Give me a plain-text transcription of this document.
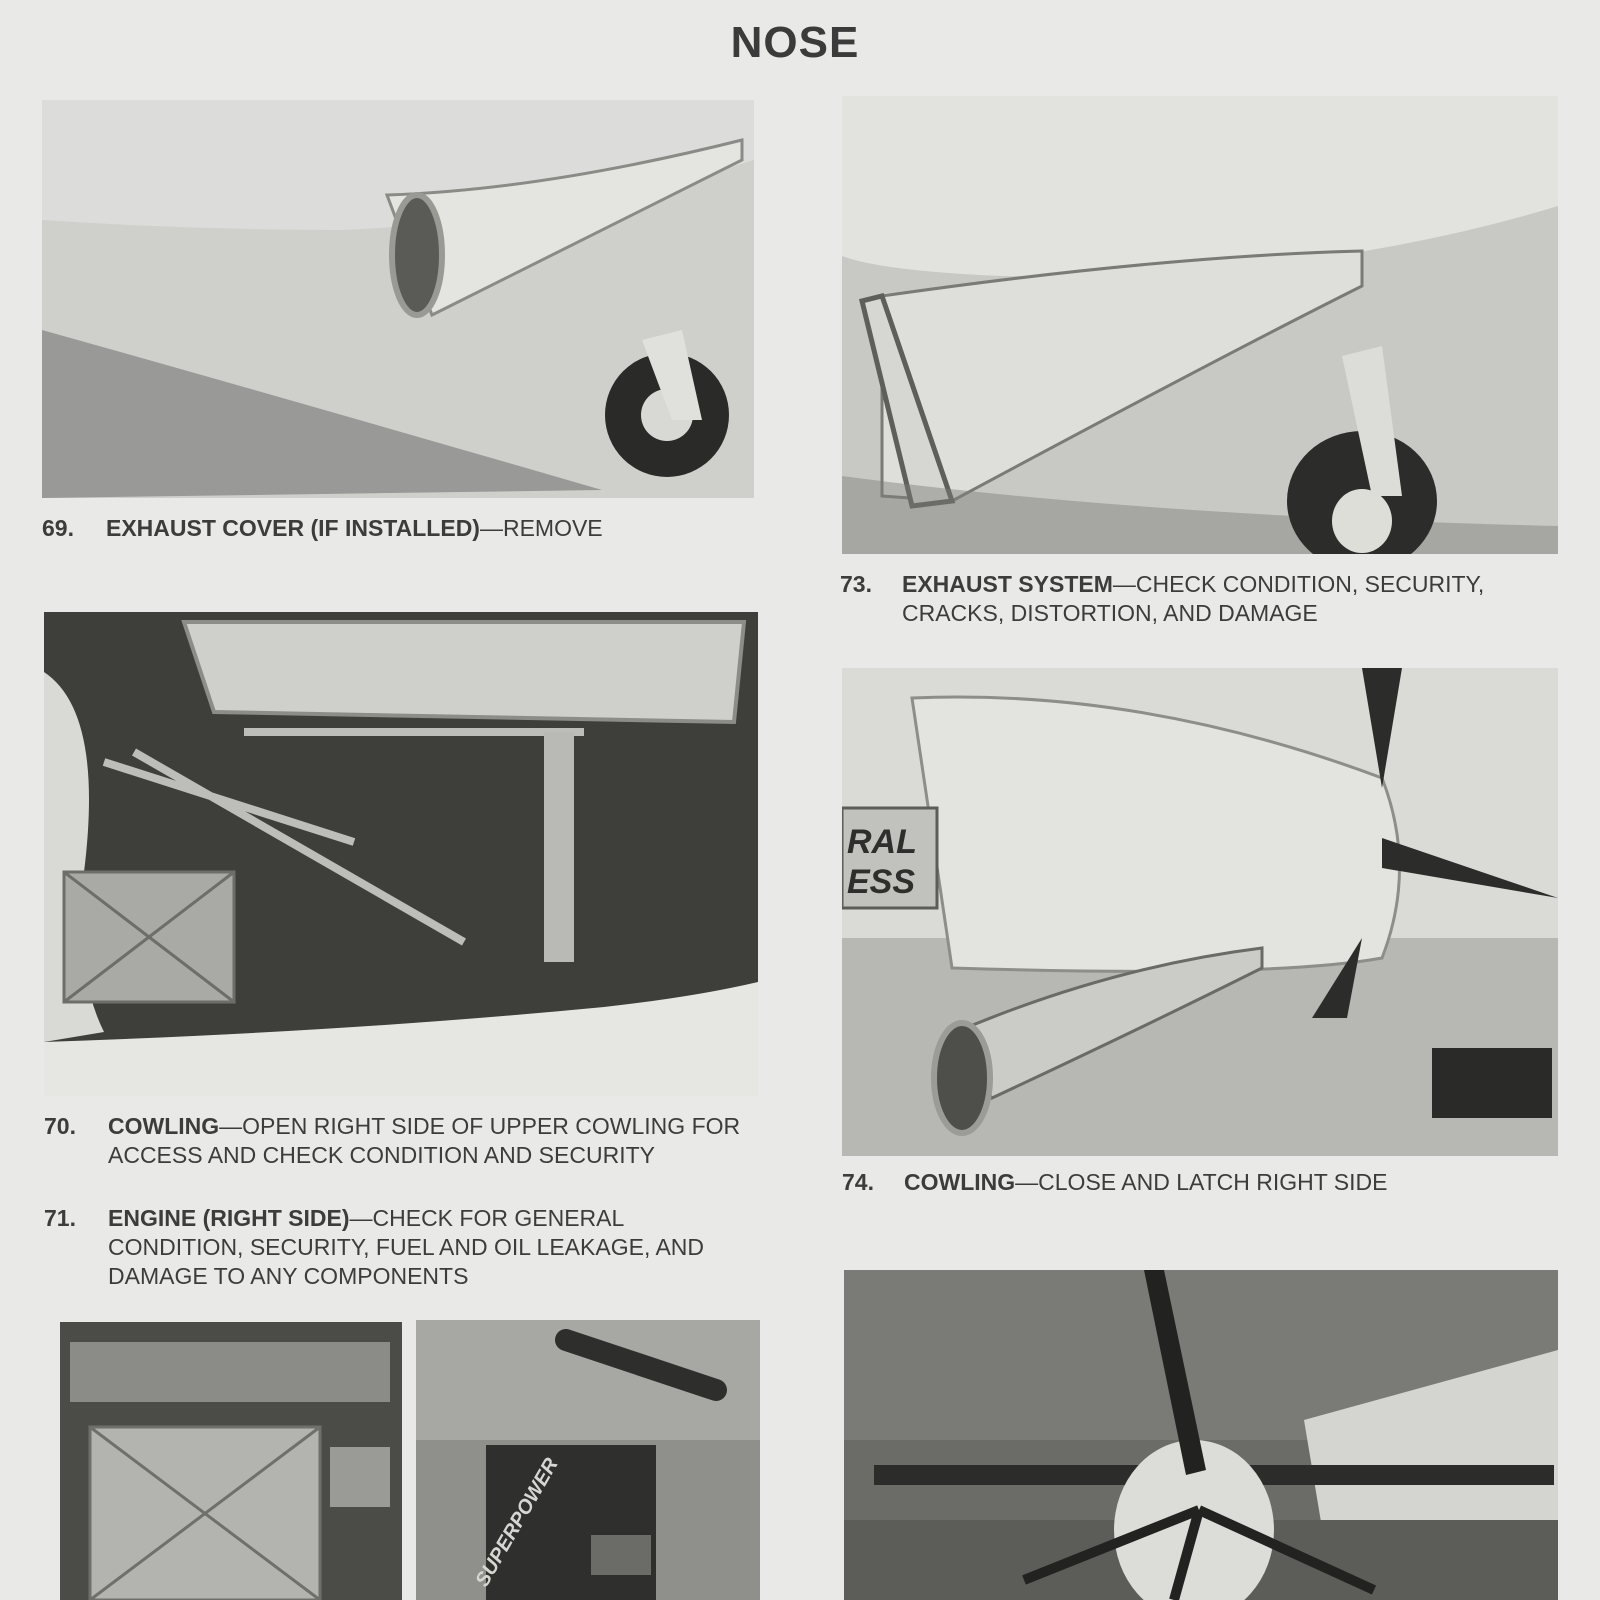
NOSE
RAL
ESS
SUPERPOWER
69. EXHAUST COVER (IF INSTALLED)—REMOVE
73. EXHAUST SYSTEM—CHECK CONDITION, SECURITY, CRACKS, DISTORTION, AND DAMAGE
70. COWLING—OPEN RIGHT SIDE OF UPPER COWLING FOR ACCESS AND CHECK CONDITION AND SECURITY
71. ENGINE (RIGHT SIDE)—CHECK FOR GENERAL CONDITION, SECURITY, FUEL AND OIL LEAKAGE, AND DAMAGE TO ANY COMPONENTS
74. COWLING—CLOSE AND LATCH RIGHT SIDE
